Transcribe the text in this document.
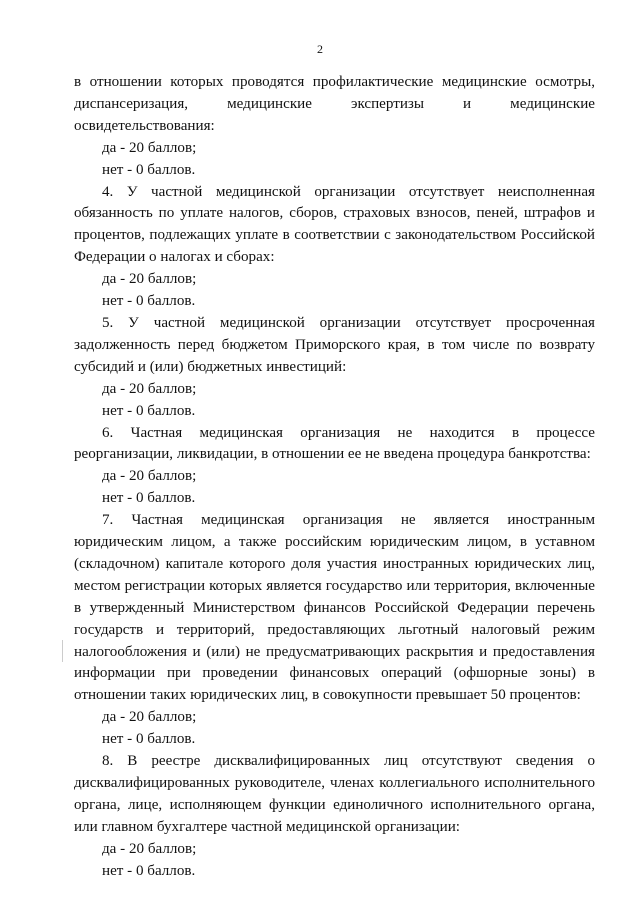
2

в отношении которых проводятся профилактические медицинские осмотры, диспансеризация, медицинские экспертизы и медицинские освидетельствования:

да - 20 баллов;

нет - 0 баллов.

4. У частной медицинской организации отсутствует неисполненная обязанность по уплате налогов, сборов, страховых взносов, пеней, штрафов и процентов, подлежащих уплате в соответствии с законодательством Российской Федерации о налогах и сборах:

да - 20 баллов;

нет - 0 баллов.

5. У частной медицинской организации отсутствует просроченная задолженность перед бюджетом Приморского края, в том числе по возврату субсидий и (или) бюджетных инвестиций:

да - 20 баллов;

нет - 0 баллов.

6. Частная медицинская организация не находится в процессе реорганизации, ликвидации, в отношении ее не введена процедура банкротства:

да - 20 баллов;

нет - 0 баллов.

7. Частная медицинская организация не является иностранным юридическим лицом, а также российским юридическим лицом, в уставном (складочном) капитале которого доля участия иностранных юридических лиц, местом регистрации которых является государство или территория, включенные в утвержденный Министерством финансов Российской Федерации перечень государств и территорий, предоставляющих льготный налоговый режим налогообложения и (или) не предусматривающих раскрытия и предоставления информации при проведении финансовых операций (офшорные зоны) в отношении таких юридических лиц, в совокупности превышает 50 процентов:

да - 20 баллов;

нет - 0 баллов.

8. В реестре дисквалифицированных лиц отсутствуют сведения о дисквалифицированных руководителе, членах коллегиального исполнительного органа, лице, исполняющем функции единоличного исполнительного органа, или главном бухгалтере частной медицинской организации:

да - 20 баллов;

нет - 0 баллов.
